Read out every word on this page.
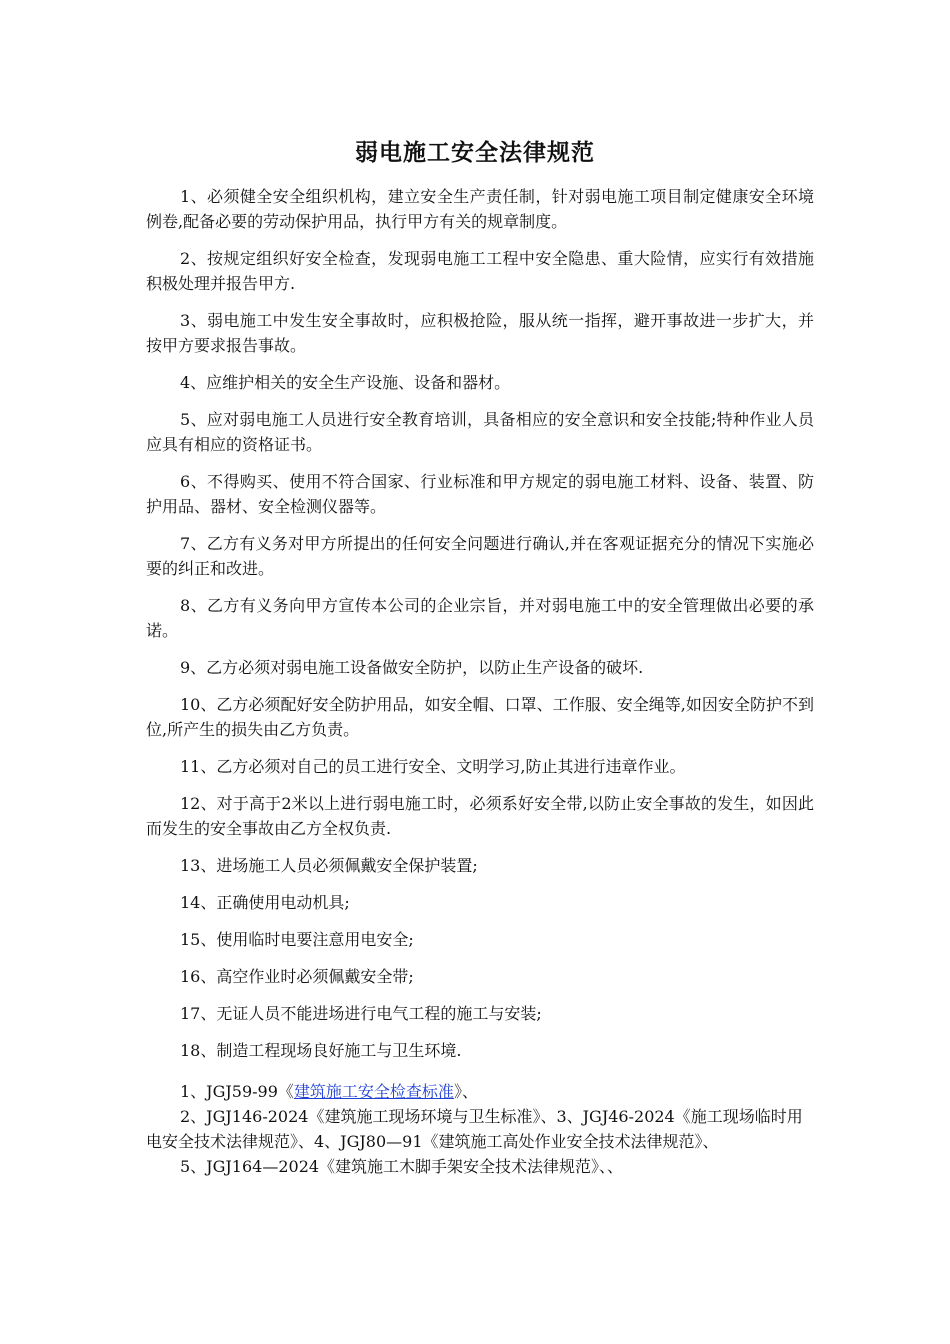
弱电施工安全法律规范

1、必须健全安全组织机构，建立安全生产责任制，针对弱电施工项目制定健康安全环境例卷,配备必要的劳动保护用品，执行甲方有关的规章制度。

2、按规定组织好安全检查，发现弱电施工工程中安全隐患、重大险情，应实行有效措施积极处理并报告甲方.

3、弱电施工中发生安全事故时，应积极抢险，服从统一指挥，避开事故进一步扩大，并按甲方要求报告事故。

4、应维护相关的安全生产设施、设备和器材。

5、应对弱电施工人员进行安全教育培训，具备相应的安全意识和安全技能;特种作业人员应具有相应的资格证书。

6、不得购买、使用不符合国家、行业标准和甲方规定的弱电施工材料、设备、装置、防护用品、器材、安全检测仪器等。

7、乙方有义务对甲方所提出的任何安全问题进行确认,并在客观证据充分的情况下实施必要的纠正和改进。

8、乙方有义务向甲方宣传本公司的企业宗旨，并对弱电施工中的安全管理做出必要的承诺。

9、乙方必须对弱电施工设备做安全防护，以防止生产设备的破坏.

10、乙方必须配好安全防护用品，如安全帽、口罩、工作服、安全绳等,如因安全防护不到位,所产生的损失由乙方负责。

11、乙方必须对自己的员工进行安全、文明学习,防止其进行违章作业。

12、对于高于2米以上进行弱电施工时，必须系好安全带,以防止安全事故的发生，如因此而发生的安全事故由乙方全权负责.

13、进场施工人员必须佩戴安全保护装置;

14、正确使用电动机具;

15、使用临时电要注意用电安全;

16、高空作业时必须佩戴安全带;

17、无证人员不能进场进行电气工程的施工与安装;

18、制造工程现场良好施工与卫生环境.

1、JGJ59-99《建筑施工安全检查标准》、

2、JGJ146-2024《建筑施工现场环境与卫生标准》、3、JGJ46-2024《施工现场临时用电安全技术法律规范》、4、JGJ80—91《建筑施工高处作业安全技术法律规范》、

5、JGJ164—2024《建筑施工木脚手架安全技术法律规范》、、
